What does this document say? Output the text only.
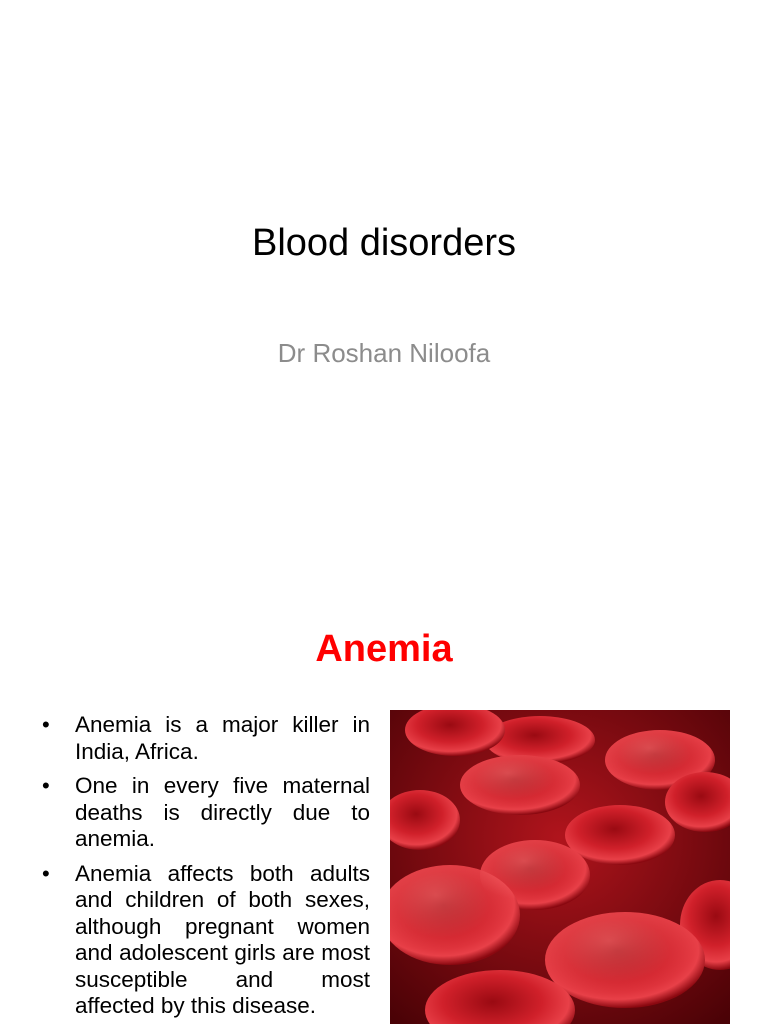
Blood disorders
Dr Roshan Niloofa
Anemia
• Anemia is a major killer in India, Africa.
• One in every five maternal deaths is directly due to anemia.
• Anemia affects both adults and children of both sexes, although pregnant women and adolescent girls are most susceptible and most affected by this disease.
